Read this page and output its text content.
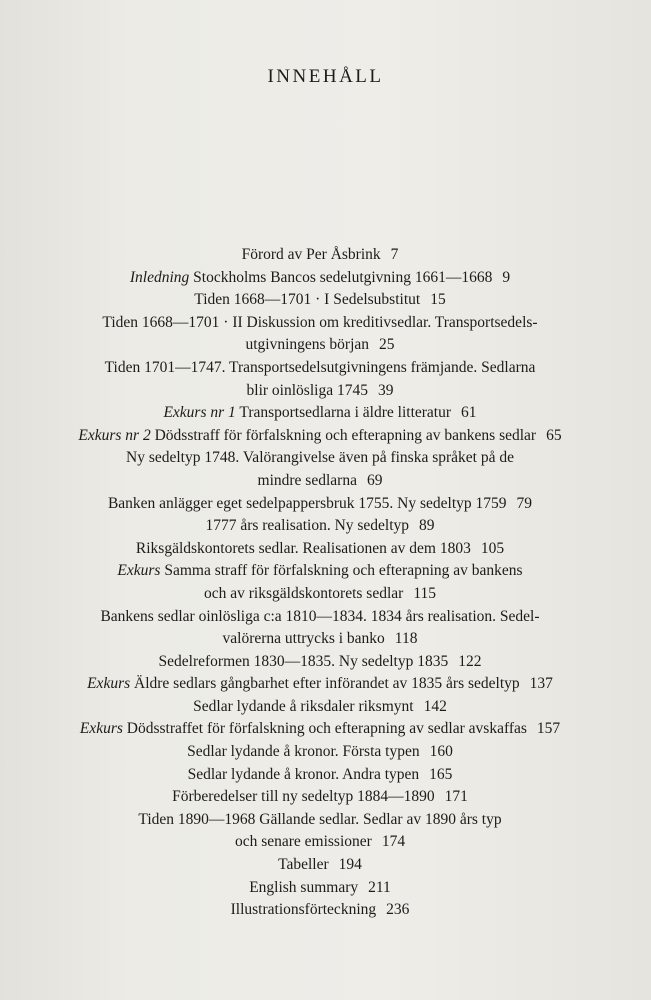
INNEHÅLL
Förord av Per Åsbrink 7
Inledning Stockholms Bancos sedelutgivning 1661—1668 9
Tiden 1668—1701 · I Sedelsubstitut 15
Tiden 1668—1701 · II Diskussion om kreditivsedlar. Transportsedels-
utgivningens början 25
Tiden 1701—1747. Transportsedelsutgivningens främjande. Sedlarna
blir oinlösliga 1745 39
Exkurs nr 1 Transportsedlarna i äldre litteratur 61
Exkurs nr 2 Dödsstraff för förfalskning och efterapning av bankens sedlar 65
Ny sedeltyp 1748. Valörangivelse även på finska språket på de
mindre sedlarna 69
Banken anlägger eget sedelpappersbruk 1755. Ny sedeltyp 1759 79
1777 års realisation. Ny sedeltyp 89
Riksgäldskontorets sedlar. Realisationen av dem 1803 105
Exkurs Samma straff för förfalskning och efterapning av bankens
och av riksgäldskontorets sedlar 115
Bankens sedlar oinlösliga c:a 1810—1834. 1834 års realisation. Sedel-
valörerna uttrycks i banko 118
Sedelreformen 1830—1835. Ny sedeltyp 1835 122
Exkurs Äldre sedlars gångbarhet efter införandet av 1835 års sedeltyp 137
Sedlar lydande å riksdaler riksmynt 142
Exkurs Dödsstraffet för förfalskning och efterapning av sedlar avskaffas 157
Sedlar lydande å kronor. Första typen 160
Sedlar lydande å kronor. Andra typen 165
Förberedelser till ny sedeltyp 1884—1890 171
Tiden 1890—1968 Gällande sedlar. Sedlar av 1890 års typ
och senare emissioner 174
Tabeller 194
English summary 211
Illustrationsförteckning 236
